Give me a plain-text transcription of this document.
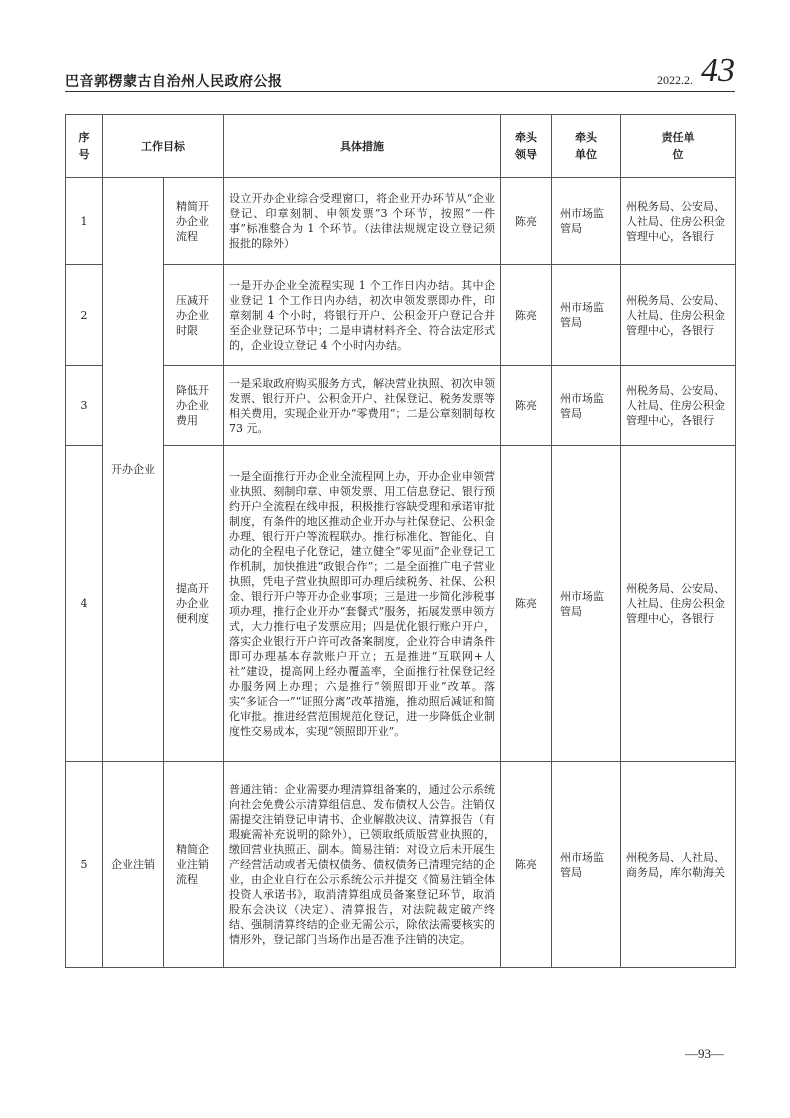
巴音郭楞蒙古自治州人民政府公报	2022.2. 43
序号	工作目标		具体措施	牵头领导	牵头单位	责任单位
1	开办企业	精简开办企业流程	设立开办企业综合受理窗口，将企业开办环节从“企业登记、印章刻制、申领发票”3 个环节，按照“一件事”标准整合为 1 个环节。（法律法规规定设立登记须报批的除外）	陈亮	州市场监管局	州税务局、公安局、人社局、住房公积金管理中心，各银行
2		压减开办企业时限	一是开办企业全流程实现 1 个工作日内办结。其中企业登记 1 个工作日内办结，初次申领发票即办件，印章刻制 4 个小时，将银行开户、公积金开户登记合并至企业登记环节中；二是申请材料齐全、符合法定形式的，企业设立登记 4 个小时内办结。	陈亮	州市场监管局	州税务局、公安局、人社局、住房公积金管理中心，各银行
3		降低开办企业费用	一是采取政府购买服务方式，解决营业执照、初次申领发票、银行开户、公积金开户、社保登记、税务发票等相关费用，实现企业开办“零费用”；二是公章刻制每枚 73 元。	陈亮	州市场监管局	州税务局、公安局、人社局、住房公积金管理中心，各银行
4		提高开办企业便利度	一是全面推行开办企业全流程网上办，开办企业申领营业执照、刻制印章、申领发票、用工信息登记、银行预约开户全流程在线申报，积极推行容缺受理和承诺审批制度，有条件的地区推动企业开办与社保登记、公积金办理、银行开户等流程联办。推行标准化、智能化、自动化的全程电子化登记，建立健全“零见面”企业登记工作机制，加快推进“政银合作”；二是全面推广电子营业执照，凭电子营业执照即可办理后续税务、社保、公积金、银行开户等开办企业事项；三是进一步简化涉税事项办理，推行企业开办“套餐式”服务，拓展发票申领方式，大力推行电子发票应用；四是优化银行账户开户，落实企业银行开户许可改备案制度，企业符合申请条件即可办理基本存款账户开立；五是推进“互联网+人社”建设，提高网上经办覆盖率，全面推行社保登记经办服务网上办理；六是推行“领照即开业”改革。落实“多证合一”“证照分离”改革措施，推动照后减证和简化审批。推进经营范围规范化登记，进一步降低企业制度性交易成本，实现“领照即开业”。	陈亮	州市场监管局	州税务局、公安局、人社局、住房公积金管理中心，各银行
5	企业注销	精简企业注销流程	普通注销：企业需要办理清算组备案的，通过公示系统向社会免费公示清算组信息、发布债权人公告。注销仅需提交注销登记申请书、企业解散决议、清算报告（有瑕疵需补充说明的除外），已领取纸质版营业执照的，缴回营业执照正、副本。简易注销：对设立后未开展生产经营活动或者无债权债务、债权债务已清理完结的企业，由企业自行在公示系统公示并提交《简易注销全体投资人承诺书》，取消清算组成员备案登记环节，取消股东会决议（决定）、清算报告，对法院裁定破产终结、强制清算终结的企业无需公示，除依法需要核实的情形外，登记部门当场作出是否准予注销的决定。	陈亮	州市场监管局	州税务局、人社局、商务局，库尔勒海关
—93—
